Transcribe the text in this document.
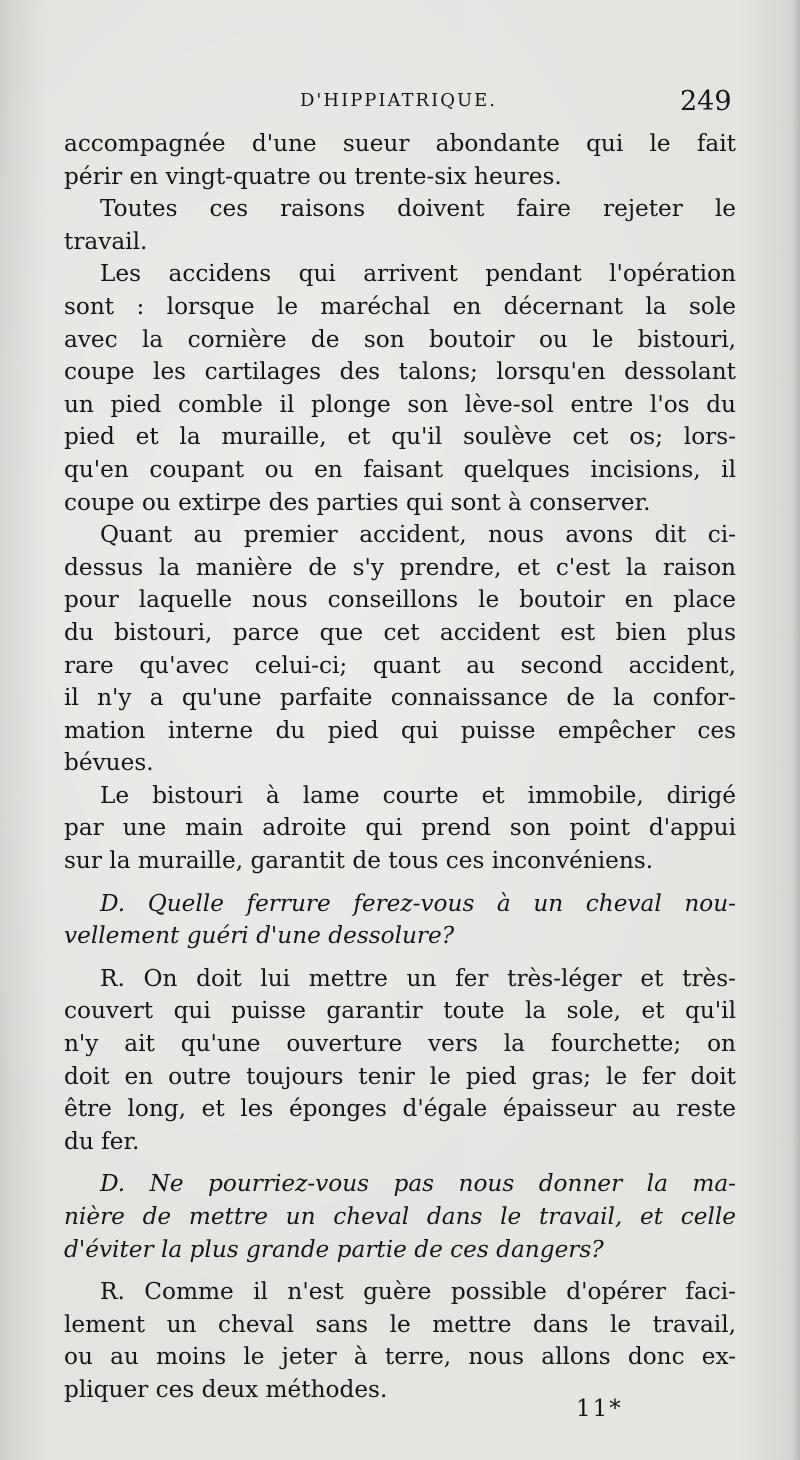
D'HIPPIATRIQUE.	249
accompagnée d'une sueur abondante qui le fait
périr en vingt-quatre ou trente-six heures.
Toutes ces raisons doivent faire rejeter le
travail.
Les accidens qui arrivent pendant l'opération
sont : lorsque le maréchal en décernant la sole
avec la cornière de son boutoir ou le bistouri,
coupe les cartilages des talons; lorsqu'en dessolant
un pied comble il plonge son lève-sol entre l'os du
pied et la muraille, et qu'il soulève cet os; lors-
qu'en coupant ou en faisant quelques incisions, il
coupe ou extirpe des parties qui sont à conserver.
Quant au premier accident, nous avons dit ci-
dessus la manière de s'y prendre, et c'est la raison
pour laquelle nous conseillons le boutoir en place
du bistouri, parce que cet accident est bien plus
rare qu'avec celui-ci; quant au second accident,
il n'y a qu'une parfaite connaissance de la confor-
mation interne du pied qui puisse empêcher ces
bévues.
Le bistouri à lame courte et immobile, dirigé
par une main adroite qui prend son point d'appui
sur la muraille, garantit de tous ces inconvéniens.
D. Quelle ferrure ferez-vous à un cheval nou-
vellement guéri d'une dessolure?
R. On doit lui mettre un fer très-léger et très-
couvert qui puisse garantir toute la sole, et qu'il
n'y ait qu'une ouverture vers la fourchette; on
doit en outre toujours tenir le pied gras; le fer doit
être long, et les éponges d'égale épaisseur au reste
du fer.
D. Ne pourriez-vous pas nous donner la ma-
nière de mettre un cheval dans le travail, et celle
d'éviter la plus grande partie de ces dangers?
R. Comme il n'est guère possible d'opérer faci-
lement un cheval sans le mettre dans le travail,
ou au moins le jeter à terre, nous allons donc ex-
pliquer ces deux méthodes.
11*
